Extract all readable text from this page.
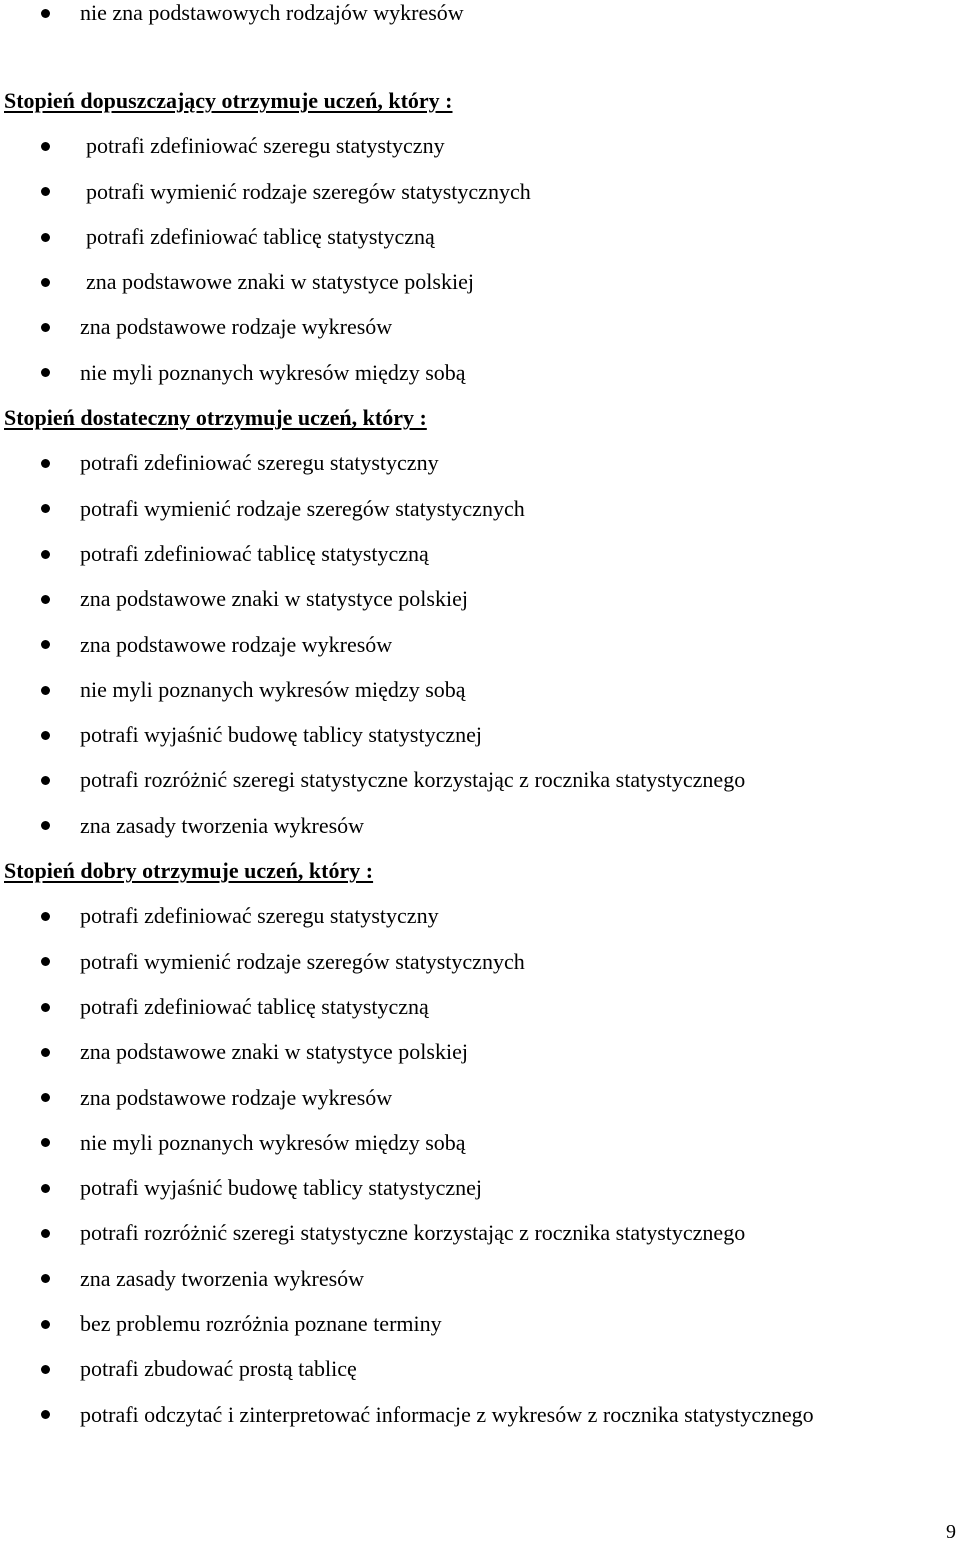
nie zna podstawowych rodzajów wykresów
Stopień dopuszczający otrzymuje uczeń, który :
potrafi zdefiniować szeregu statystyczny
potrafi wymienić rodzaje szeregów statystycznych
potrafi zdefiniować tablicę statystyczną
zna podstawowe znaki w statystyce polskiej
zna podstawowe rodzaje wykresów
nie myli poznanych wykresów między sobą
Stopień dostateczny otrzymuje uczeń, który :
potrafi zdefiniować szeregu statystyczny
potrafi wymienić rodzaje szeregów statystycznych
potrafi zdefiniować tablicę statystyczną
zna podstawowe znaki w statystyce polskiej
zna podstawowe rodzaje wykresów
nie myli poznanych wykresów między sobą
potrafi wyjaśnić budowę tablicy statystycznej
potrafi rozróżnić szeregi statystyczne korzystając z rocznika statystycznego
zna zasady tworzenia wykresów
Stopień dobry otrzymuje uczeń, który :
potrafi zdefiniować szeregu statystyczny
potrafi wymienić rodzaje szeregów statystycznych
potrafi zdefiniować tablicę statystyczną
zna podstawowe znaki w statystyce polskiej
zna podstawowe rodzaje wykresów
nie myli poznanych wykresów między sobą
potrafi wyjaśnić budowę tablicy statystycznej
potrafi rozróżnić szeregi statystyczne korzystając z rocznika statystycznego
zna zasady tworzenia wykresów
bez problemu rozróżnia poznane terminy
potrafi zbudować prostą tablicę
potrafi odczytać i zinterpretować informacje z wykresów z rocznika statystycznego
9
